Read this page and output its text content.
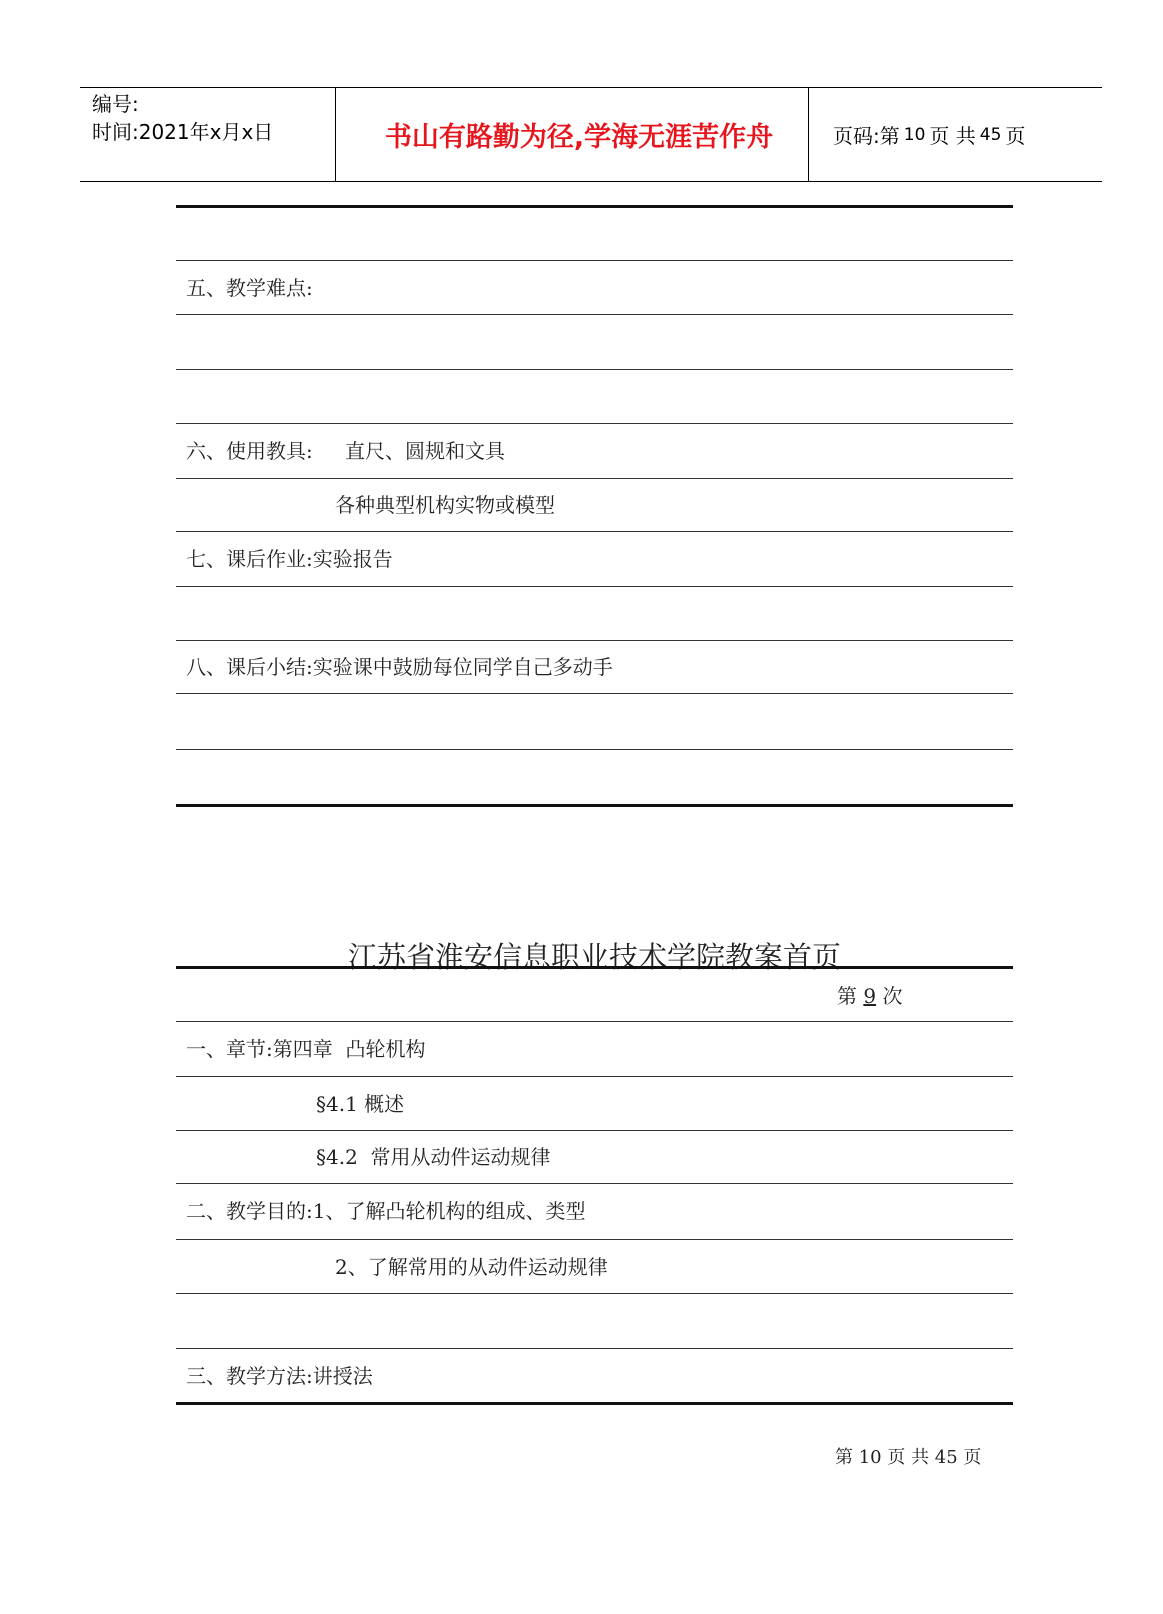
编号:
时间:2021年x月x日	书山有路勤为径,学海无涯苦作舟	页码:第 10 页 共 45 页
五、教学难点:
六、使用教具: 直尺、圆规和文具
各种典型机构实物或模型
七、课后作业:实验报告
八、课后小结:实验课中鼓励每位同学自己多动手
江苏省淮安信息职业技术学院教案首页
第 9 次
一、章节:第四章  凸轮机构
§4.1 概述
§4.2  常用从动件运动规律
二、教学目的:1、了解凸轮机构的组成、类型
2、了解常用的从动件运动规律
三、教学方法:讲授法
第 10 页 共 45 页
